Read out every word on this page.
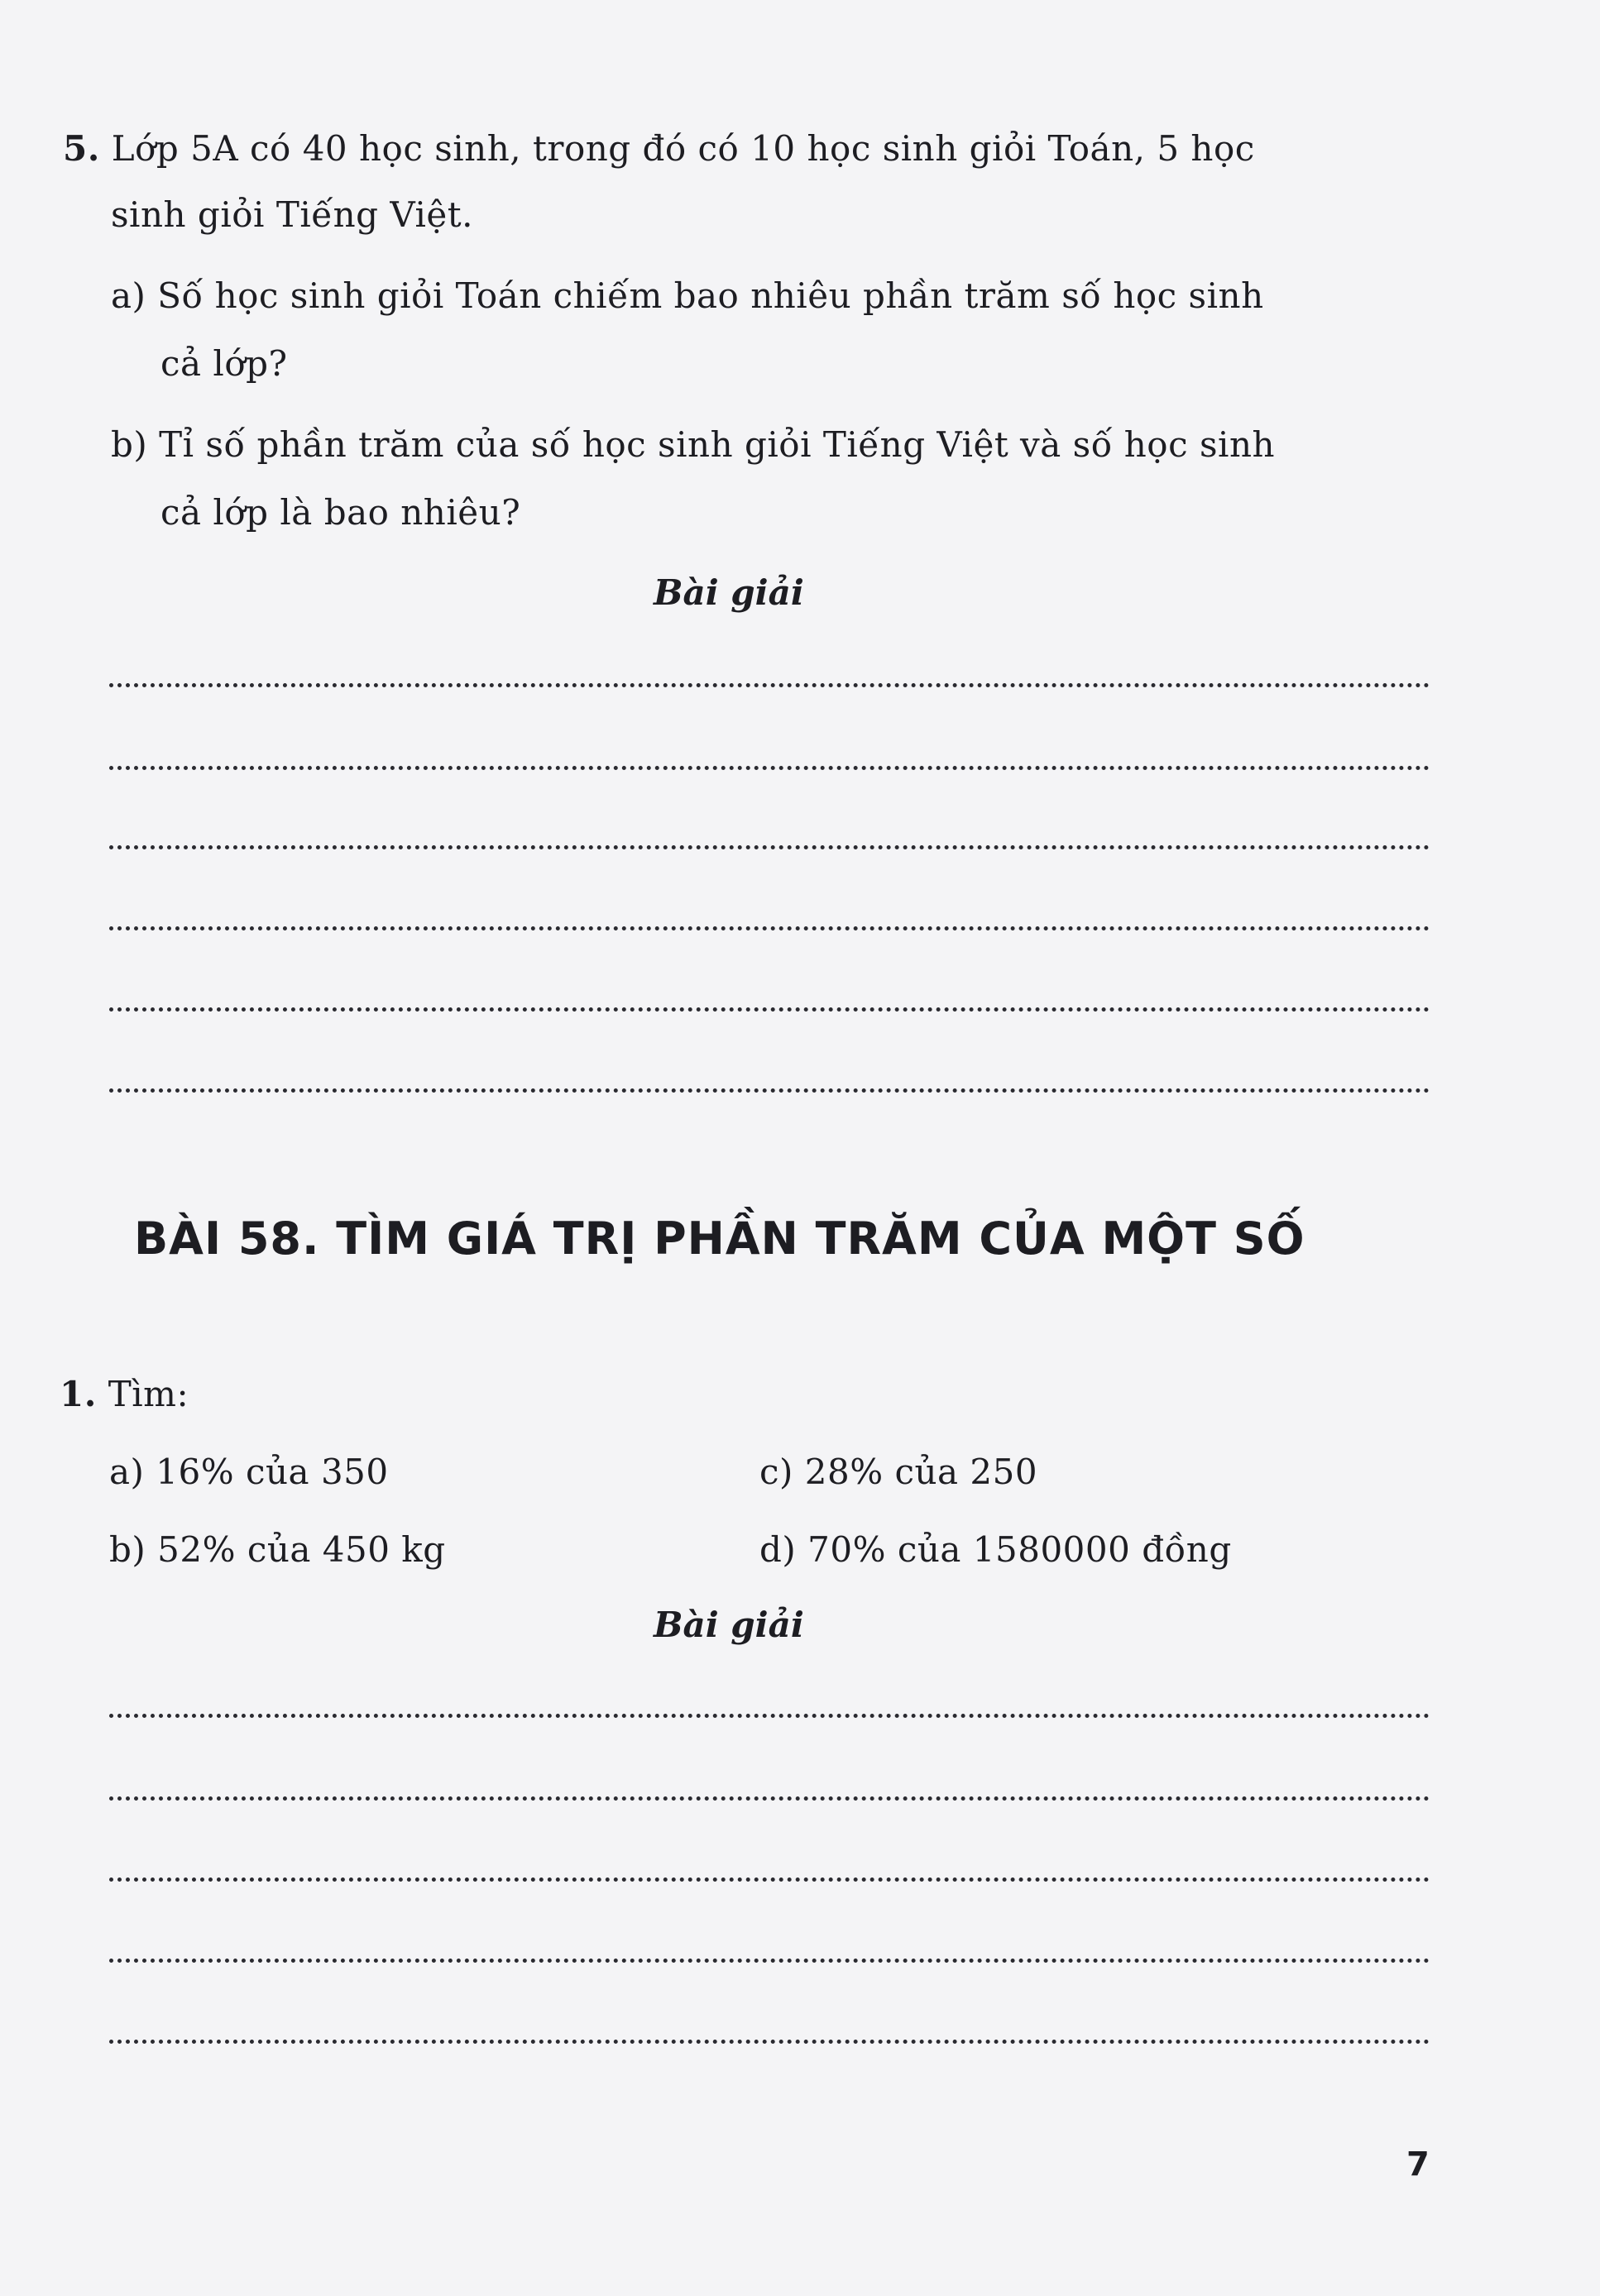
5. Lớp 5A có 40 học sinh, trong đó có 10 học sinh giỏi Toán, 5 học
sinh giỏi Tiếng Việt.
a) Số học sinh giỏi Toán chiếm bao nhiêu phần trăm số học sinh
cả lớp?
b) Tỉ số phần trăm của số học sinh giỏi Tiếng Việt và số học sinh
cả lớp là bao nhiêu?
Bài giải
BÀI 58. TÌM GIÁ TRỊ PHẦN TRĂM CỦA MỘT SỐ
1. Tìm:
a) 16% của 350	c) 28% của 250
b) 52% của 450 kg	d) 70% của 1580000 đồng
Bài giải
7
